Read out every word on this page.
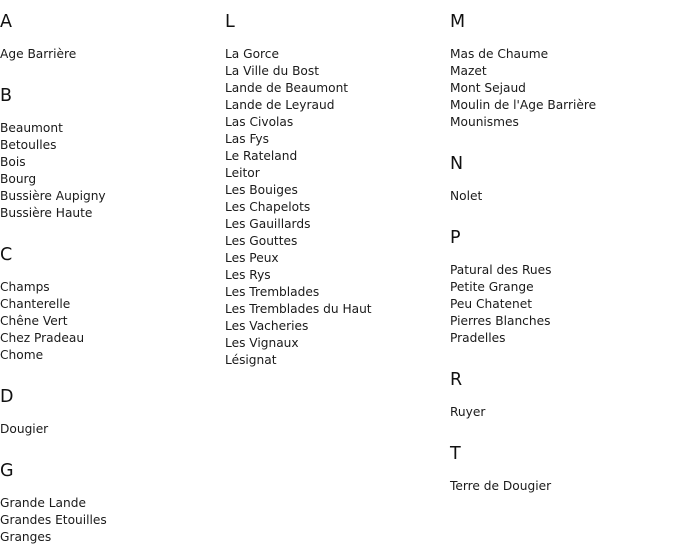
A
Age Barrière
B
Beaumont
Betoulles
Bois
Bourg
Bussière Aupigny
Bussière Haute
C
Champs
Chanterelle
Chêne Vert
Chez Pradeau
Chome
D
Dougier
G
Grande Lande
Grandes Etouilles
Granges
L
La Gorce
La Ville du Bost
Lande de Beaumont
Lande de Leyraud
Las Civolas
Las Fys
Le Rateland
Leitor
Les Bouiges
Les Chapelots
Les Gauillards
Les Gouttes
Les Peux
Les Rys
Les Tremblades
Les Tremblades du Haut
Les Vacheries
Les Vignaux
Lésignat
M
Mas de Chaume
Mazet
Mont Sejaud
Moulin de l'Age Barrière
Mounismes
N
Nolet
P
Patural des Rues
Petite Grange
Peu Chatenet
Pierres Blanches
Pradelles
R
Ruyer
T
Terre de Dougier
